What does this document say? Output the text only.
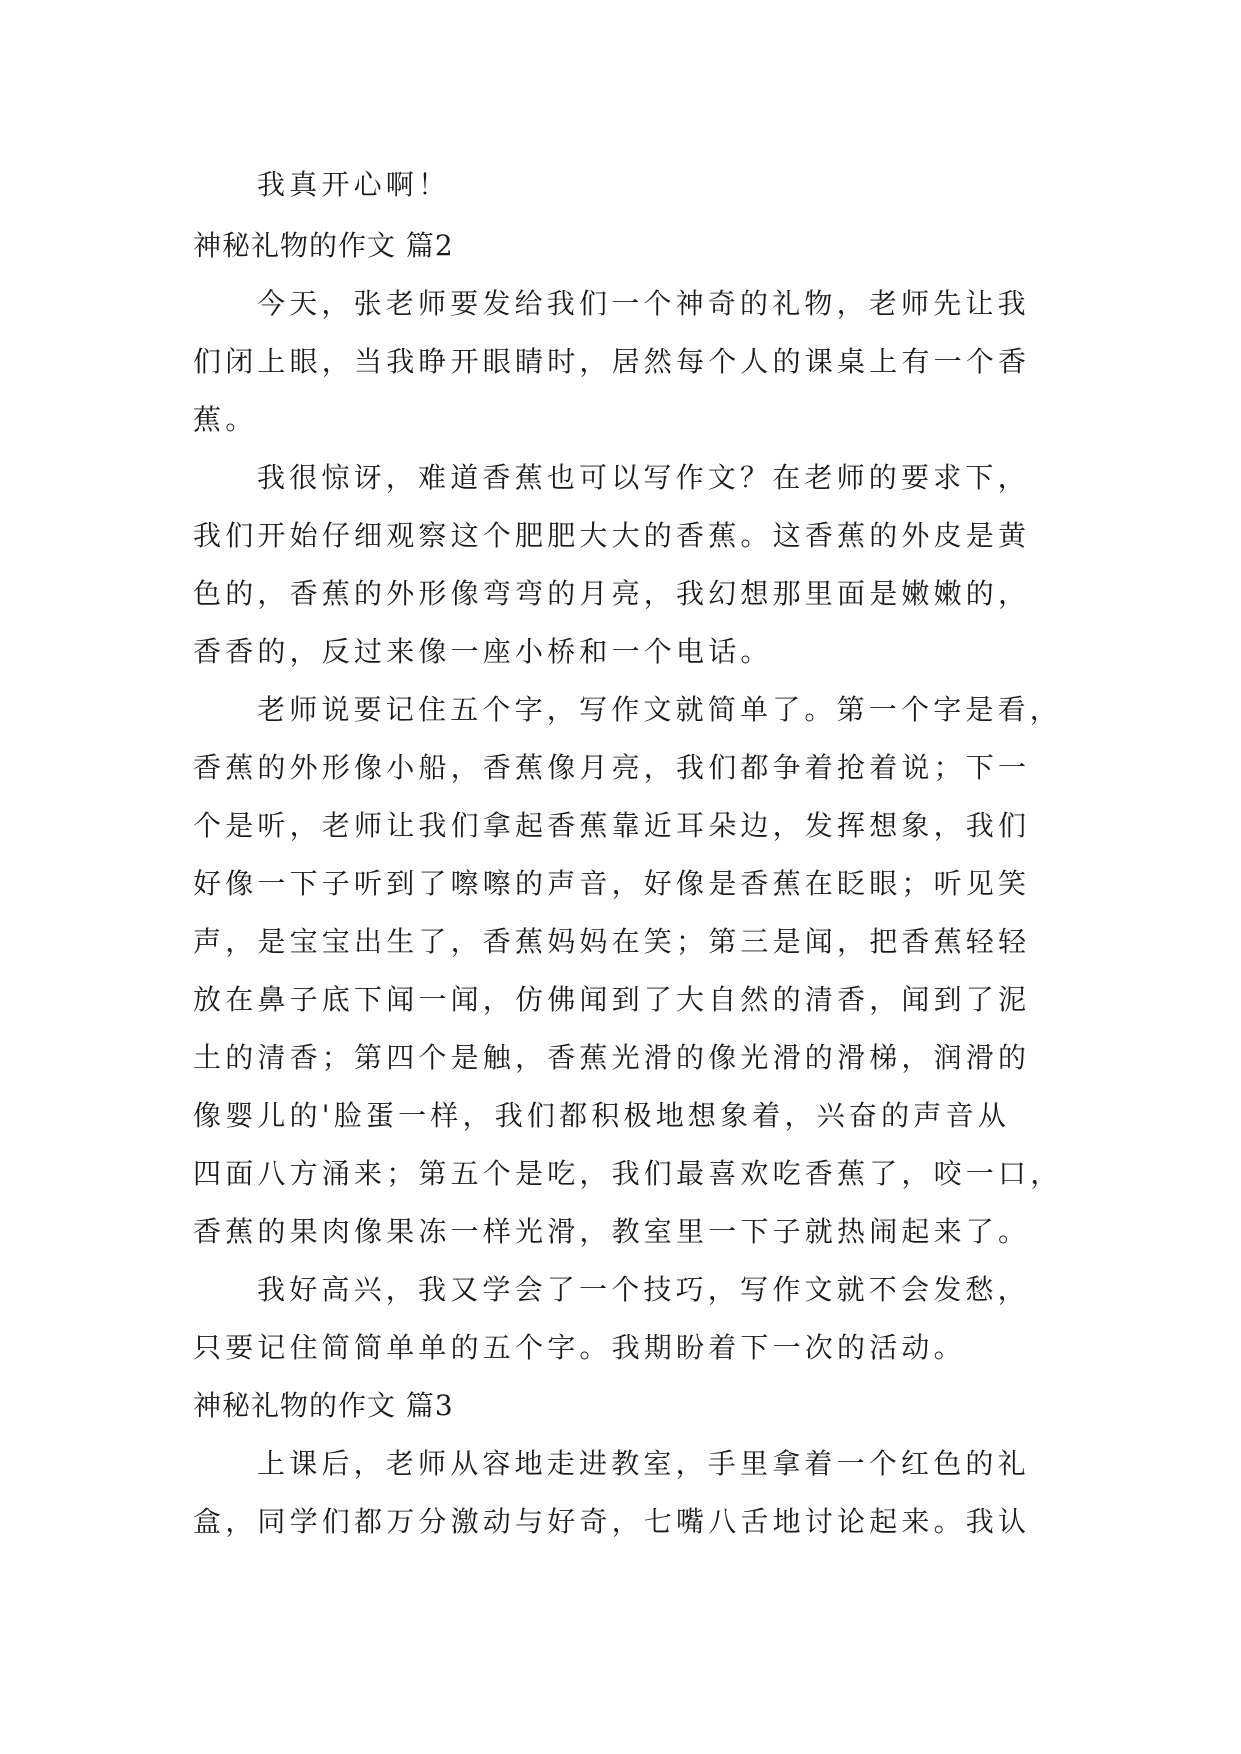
我真开心啊！
神秘礼物的作文 篇2
今天，张老师要发给我们一个神奇的礼物，老师先让我
们闭上眼，当我睁开眼睛时，居然每个人的课桌上有一个香
蕉。
我很惊讶，难道香蕉也可以写作文？在老师的要求下，
我们开始仔细观察这个肥肥大大的香蕉。这香蕉的外皮是黄
色的，香蕉的外形像弯弯的月亮，我幻想那里面是嫩嫩的，
香香的，反过来像一座小桥和一个电话。
老师说要记住五个字，写作文就简单了。第一个字是看，
香蕉的外形像小船，香蕉像月亮，我们都争着抢着说；下一
个是听，老师让我们拿起香蕉靠近耳朵边，发挥想象，我们
好像一下子听到了嚓嚓的声音，好像是香蕉在眨眼；听见笑
声，是宝宝出生了，香蕉妈妈在笑；第三是闻，把香蕉轻轻
放在鼻子底下闻一闻，仿佛闻到了大自然的清香，闻到了泥
土的清香；第四个是触，香蕉光滑的像光滑的滑梯，润滑的
像婴儿的'脸蛋一样，我们都积极地想象着，兴奋的声音从
四面八方涌来；第五个是吃，我们最喜欢吃香蕉了，咬一口，
香蕉的果肉像果冻一样光滑，教室里一下子就热闹起来了。
我好高兴，我又学会了一个技巧，写作文就不会发愁，
只要记住简简单单的五个字。我期盼着下一次的活动。
神秘礼物的作文 篇3
上课后，老师从容地走进教室，手里拿着一个红色的礼
盒，同学们都万分激动与好奇，七嘴八舌地讨论起来。我认
